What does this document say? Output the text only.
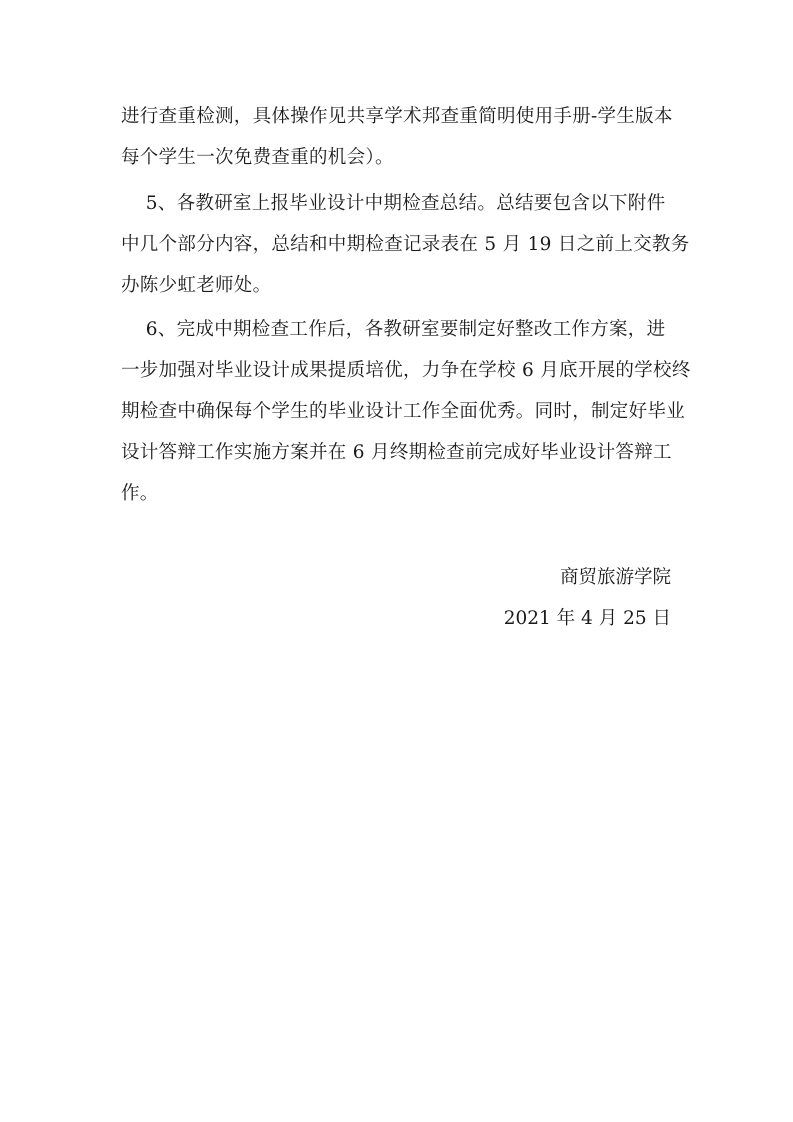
进行查重检测，具体操作见共享学术邦查重简明使用手册-学生版本
每个学生一次免费查重的机会）。
5、各教研室上报毕业设计中期检查总结。总结要包含以下附件
中几个部分内容，总结和中期检查记录表在 5 月 19 日之前上交教务
办陈少虹老师处。
6、完成中期检查工作后，各教研室要制定好整改工作方案，进
一步加强对毕业设计成果提质培优，力争在学校 6 月底开展的学校终
期检查中确保每个学生的毕业设计工作全面优秀。同时，制定好毕业
设计答辩工作实施方案并在 6 月终期检查前完成好毕业设计答辩工
作。
商贸旅游学院
2021 年 4 月 25 日
